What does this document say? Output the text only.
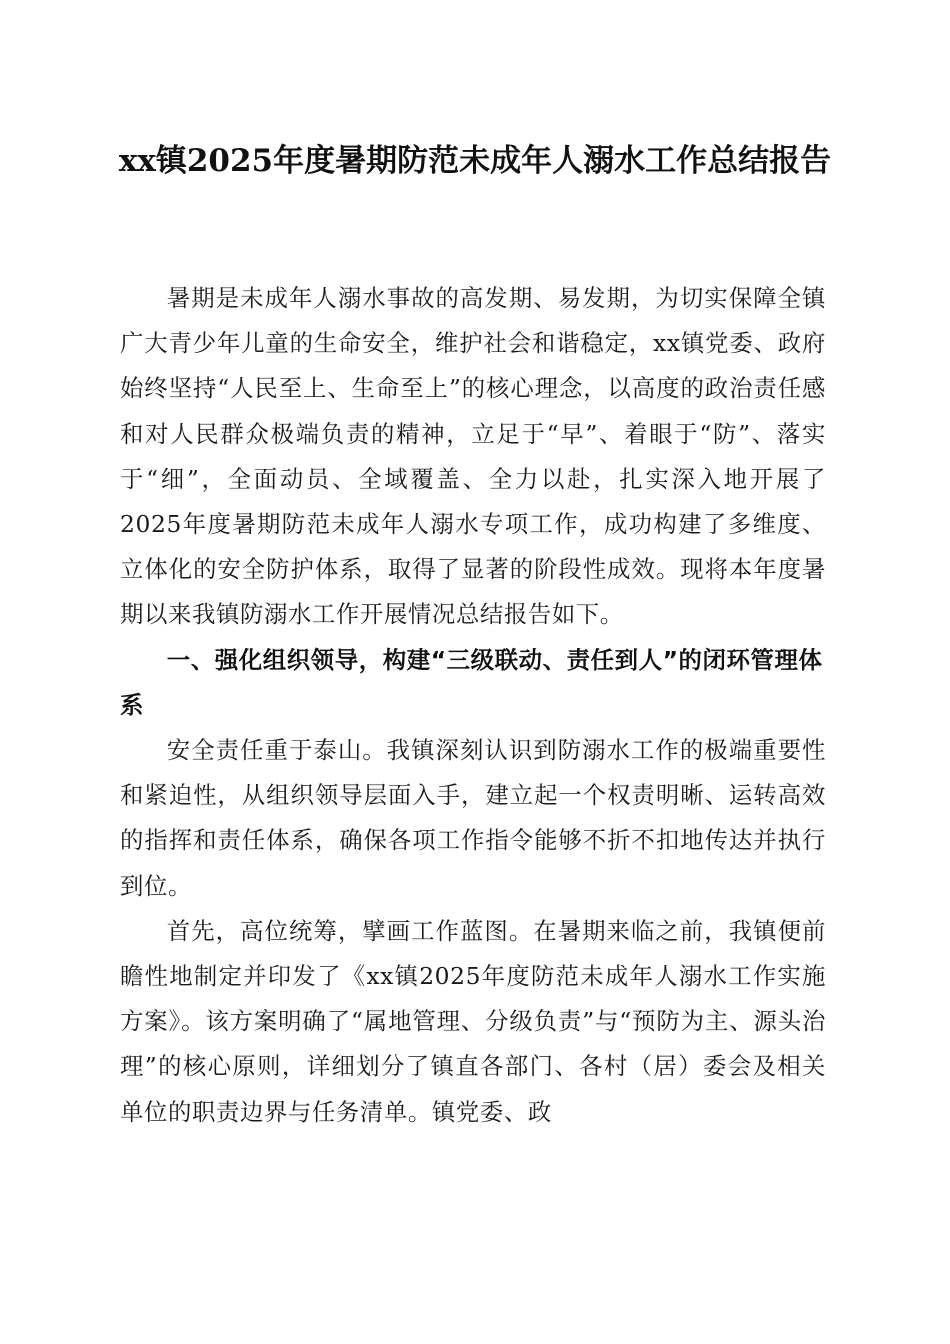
xx镇2025年度暑期防范未成年人溺水工作总结报告

暑期是未成年人溺水事故的高发期、易发期，为切实保障全镇广大青少年儿童的生命安全，维护社会和谐稳定，xx镇党委、政府始终坚持“人民至上、生命至上”的核心理念，以高度的政治责任感和对人民群众极端负责的精神，立足于“早”、着眼于“防”、落实于“细”，全面动员、全域覆盖、全力以赴，扎实深入地开展了2025年度暑期防范未成年人溺水专项工作，成功构建了多维度、立体化的安全防护体系，取得了显著的阶段性成效。现将本年度暑期以来我镇防溺水工作开展情况总结报告如下。

一、强化组织领导，构建“三级联动、责任到人”的闭环管理体系

安全责任重于泰山。我镇深刻认识到防溺水工作的极端重要性和紧迫性，从组织领导层面入手，建立起一个权责明晰、运转高效的指挥和责任体系，确保各项工作指令能够不折不扣地传达并执行到位。

首先，高位统筹，擘画工作蓝图。在暑期来临之前，我镇便前瞻性地制定并印发了《xx镇2025年度防范未成年人溺水工作实施方案》。该方案明确了“属地管理、分级负责”与“预防为主、源头治理”的核心原则，详细划分了镇直各部门、各村（居）委会及相关单位的职责边界与任务清单。镇党委、政
